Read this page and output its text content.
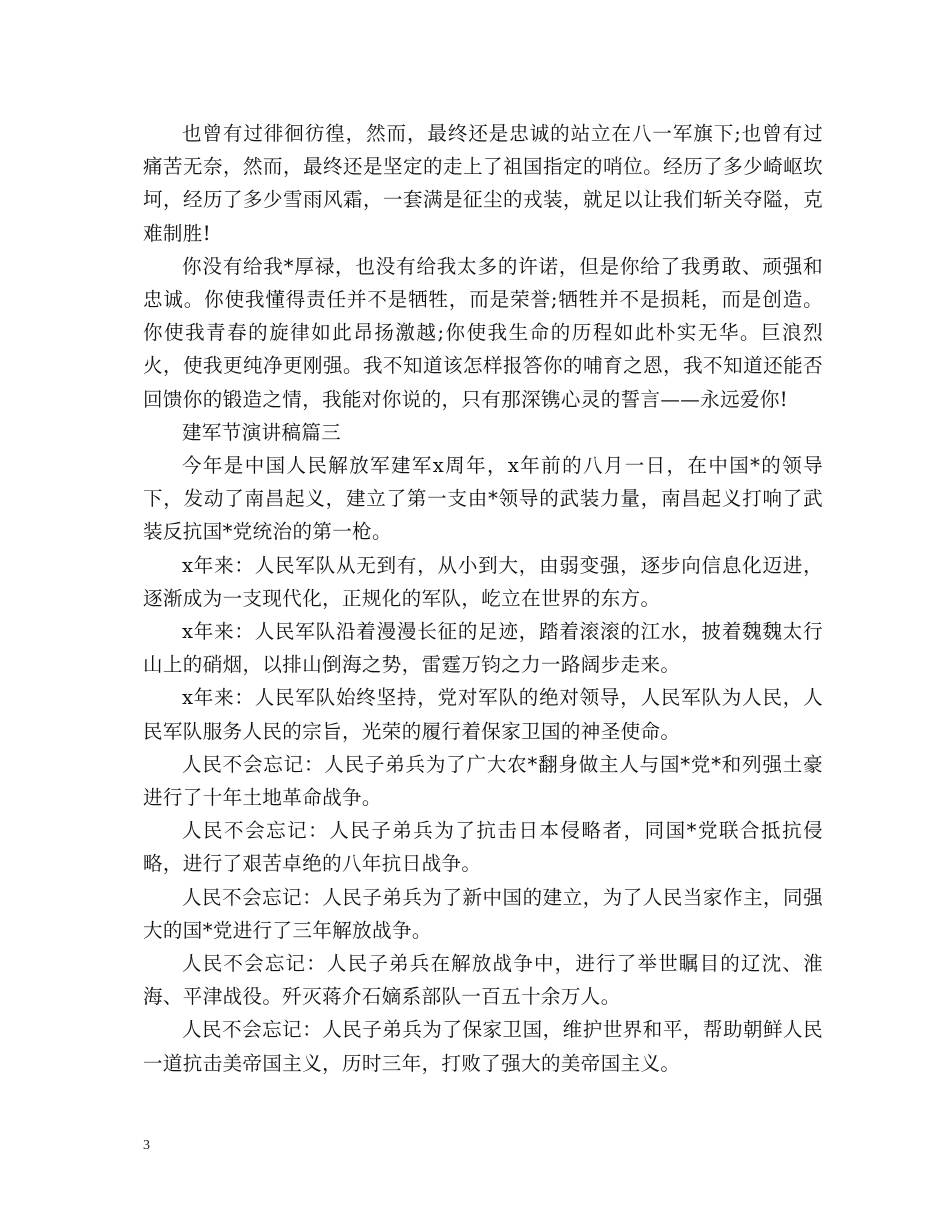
也曾有过徘徊彷徨，然而，最终还是忠诚的站立在八一军旗下;也曾有过痛苦无奈，然而，最终还是坚定的走上了祖国指定的哨位。经历了多少崎岖坎坷，经历了多少雪雨风霜，一套满是征尘的戎装，就足以让我们斩关夺隘，克难制胜!

你没有给我*厚禄，也没有给我太多的许诺，但是你给了我勇敢、顽强和忠诚。你使我懂得责任并不是牺牲，而是荣誉;牺牲并不是损耗，而是创造。你使我青春的旋律如此昂扬激越;你使我生命的历程如此朴实无华。巨浪烈火，使我更纯净更刚强。我不知道该怎样报答你的哺育之恩，我不知道还能否回馈你的锻造之情，我能对你说的，只有那深镌心灵的誓言——永远爱你!

建军节演讲稿篇三

今年是中国人民解放军建军x周年，x年前的八月一日，在中国*的领导下，发动了南昌起义，建立了第一支由*领导的武装力量，南昌起义打响了武装反抗国*党统治的第一枪。

x年来：人民军队从无到有，从小到大，由弱变强，逐步向信息化迈进，逐渐成为一支现代化，正规化的军队，屹立在世界的东方。

x年来：人民军队沿着漫漫长征的足迹，踏着滚滚的江水，披着魏魏太行山上的硝烟，以排山倒海之势，雷霆万钧之力一路阔步走来。

x年来：人民军队始终坚持，党对军队的绝对领导，人民军队为人民，人民军队服务人民的宗旨，光荣的履行着保家卫国的神圣使命。

人民不会忘记：人民子弟兵为了广大农*翻身做主人与国*党*和列强土豪进行了十年土地革命战争。

人民不会忘记：人民子弟兵为了抗击日本侵略者，同国*党联合抵抗侵略，进行了艰苦卓绝的八年抗日战争。

人民不会忘记：人民子弟兵为了新中国的建立，为了人民当家作主，同强大的国*党进行了三年解放战争。

人民不会忘记：人民子弟兵在解放战争中，进行了举世瞩目的辽沈、淮海、平津战役。歼灭蒋介石嫡系部队一百五十余万人。

人民不会忘记：人民子弟兵为了保家卫国，维护世界和平，帮助朝鲜人民一道抗击美帝国主义，历时三年，打败了强大的美帝国主义。

3
